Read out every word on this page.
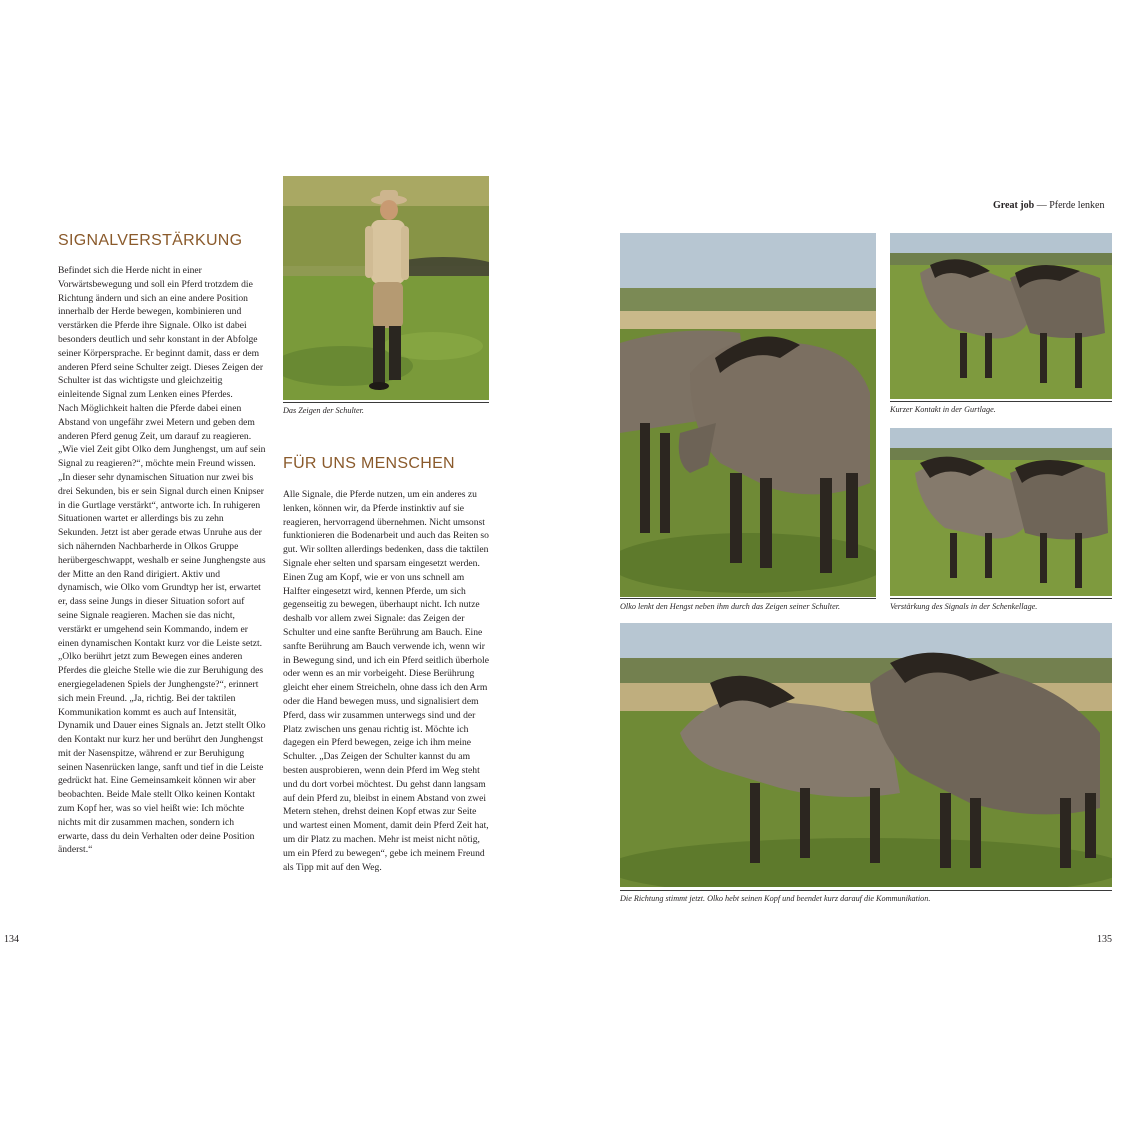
SIGNALVERSTÄRKUNG

Befindet sich die Herde nicht in einer Vorwärtsbewegung und soll ein Pferd trotzdem die Richtung ändern und sich an eine andere Position innerhalb der Herde bewegen, kombinieren und verstärken die Pferde ihre Signale. Olko ist dabei besonders deutlich und sehr konstant in der Abfolge seiner Körpersprache. Er beginnt damit, dass er dem anderen Pferd seine Schulter zeigt. Dieses Zeigen der Schulter ist das wichtigste und gleichzeitig einleitende Signal zum Lenken eines Pferdes.

Nach Möglichkeit halten die Pferde dabei einen Abstand von ungefähr zwei Metern und geben dem anderen Pferd genug Zeit, um darauf zu reagieren. „Wie viel Zeit gibt Olko dem Junghengst, um auf sein Signal zu reagieren?“, möchte mein Freund wissen. „In dieser sehr dynamischen Situation nur zwei bis drei Sekunden, bis er sein Signal durch einen Knipser in die Gurtlage verstärkt“, antworte ich. In ruhigeren Situationen wartet er allerdings bis zu zehn Sekunden. Jetzt ist aber gerade etwas Unruhe aus der sich nähernden Nachbarherde in Olkos Gruppe herübergeschwappt, weshalb er seine Junghengste aus der Mitte an den Rand dirigiert. Aktiv und dynamisch, wie Olko vom Grundtyp her ist, erwartet er, dass seine Jungs in dieser Situation sofort auf seine Signale reagieren. Machen sie das nicht, verstärkt er umgehend sein Kommando, indem er einen dynamischen Kontakt kurz vor die Leiste setzt. „Olko berührt jetzt zum Bewegen eines anderen Pferdes die gleiche Stelle wie die zur Beruhigung des energiegeladenen Spiels der Junghengste?“, erinnert sich mein Freund. „Ja, richtig. Bei der taktilen Kommunikation kommt es auch auf Intensität, Dynamik und Dauer eines Signals an. Jetzt stellt Olko den Kontakt nur kurz her und berührt den Junghengst mit der Nasenspitze, während er zur Beruhigung seinen Nasenrücken lange, sanft und tief in die Leiste gedrückt hat. Eine Gemeinsamkeit können wir aber beobachten. Beide Male stellt Olko keinen Kontakt zum Kopf her, was so viel heißt wie: Ich möchte nichts mit dir zusammen machen, sondern ich erwarte, dass du dein Verhalten oder deine Position änderst.“

Das Zeigen der Schulter.
FÜR UNS MENSCHEN

Alle Signale, die Pferde nutzen, um ein anderes zu lenken, können wir, da Pferde instinktiv auf sie reagieren, hervorragend übernehmen. Nicht umsonst funktionieren die Bodenarbeit und auch das Reiten so gut. Wir sollten allerdings bedenken, dass die taktilen Signale eher selten und sparsam eingesetzt werden. Einen Zug am Kopf, wie er von uns schnell am Halfter eingesetzt wird, kennen Pferde, um sich gegenseitig zu bewegen, überhaupt nicht. Ich nutze deshalb vor allem zwei Signale: das Zeigen der Schulter und eine sanfte Berührung am Bauch. Eine sanfte Berührung am Bauch verwende ich, wenn wir in Bewegung sind, und ich ein Pferd seitlich überhole oder wenn es an mir vorbeigeht. Diese Berührung gleicht eher einem Streicheln, ohne dass ich den Arm oder die Hand bewegen muss, und signalisiert dem Pferd, dass wir zusammen unterwegs sind und der Platz zwischen uns genau richtig ist. Möchte ich dagegen ein Pferd bewegen, zeige ich ihm meine Schulter. „Das Zeigen der Schulter kannst du am besten ausprobieren, wenn dein Pferd im Weg steht und du dort vorbei möchtest. Du gehst dann langsam auf dein Pferd zu, bleibst in einem Abstand von zwei Metern stehen, drehst deinen Kopf etwas zur Seite und wartest einen Moment, damit dein Pferd Zeit hat, um dir Platz zu machen. Mehr ist meist nicht nötig, um ein Pferd zu bewegen“, gebe ich meinem Freund als Tipp mit auf den Weg.

134
Great job — Pferde lenken
Olko lenkt den Hengst neben ihm durch das Zeigen seiner Schulter.
Kurzer Kontakt in der Gurtlage.
Verstärkung des Signals in der Schenkellage.
Die Richtung stimmt jetzt. Olko hebt seinen Kopf und beendet kurz darauf die Kommunikation.
135
